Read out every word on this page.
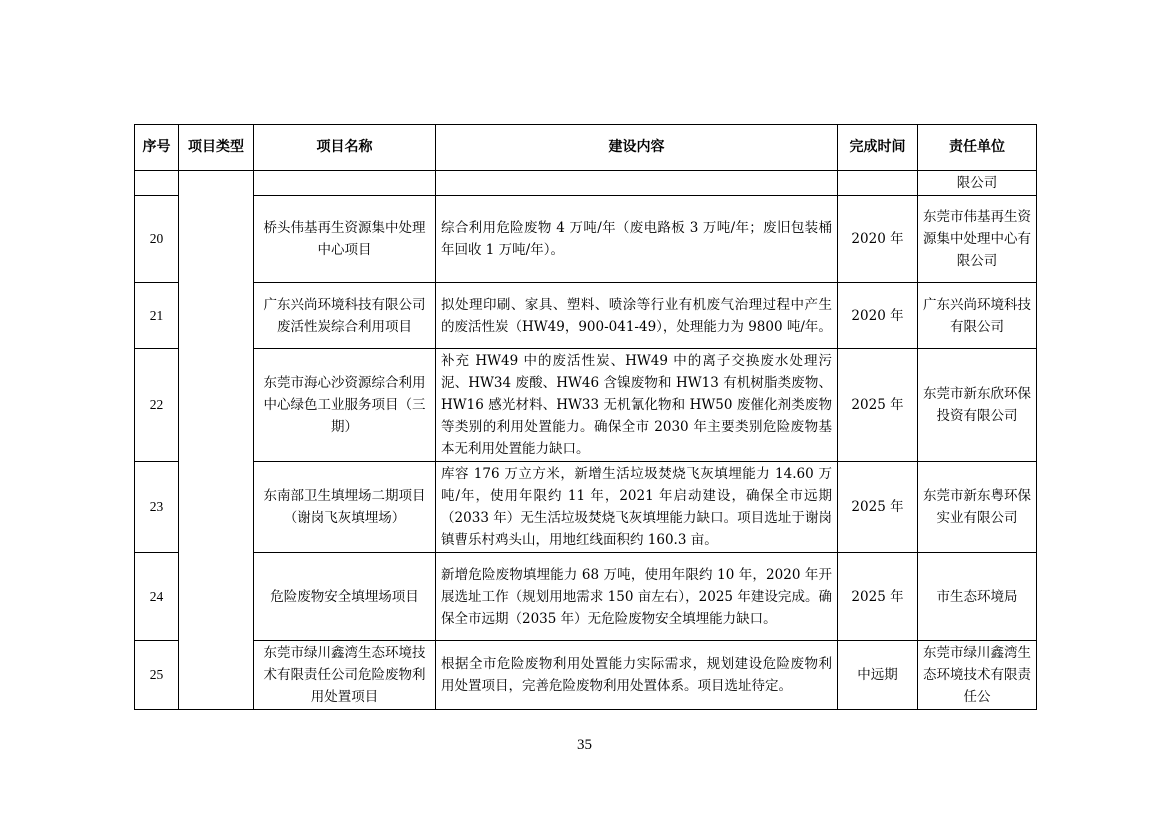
序号	项目类型	项目名称	建设内容	完成时间	责任单位
					限公司
20		桥头伟基再生资源集中处理中心项目	综合利用危险废物 4 万吨/年（废电路板 3 万吨/年；废旧包装桶年回收 1 万吨/年）。	2020 年	东莞市伟基再生资源集中处理中心有限公司
21		广东兴尚环境科技有限公司废活性炭综合利用项目	拟处理印刷、家具、塑料、喷涂等行业有机废气治理过程中产生的废活性炭（HW49，900-041-49），处理能力为 9800 吨/年。	2020 年	广东兴尚环境科技有限公司
22		东莞市海心沙资源综合利用中心绿色工业服务项目（三期）	补充 HW49 中的废活性炭、HW49 中的离子交换废水处理污泥、HW34 废酸、HW46 含镍废物和 HW13 有机树脂类废物、HW16 感光材料、HW33 无机氰化物和 HW50 废催化剂类废物等类别的利用处置能力。确保全市 2030 年主要类别危险废物基本无利用处置能力缺口。	2025 年	东莞市新东欣环保投资有限公司
23		东南部卫生填埋场二期项目（谢岗飞灰填埋场）	库容 176 万立方米，新增生活垃圾焚烧飞灰填埋能力 14.60 万吨/年，使用年限约 11 年，2021 年启动建设，确保全市远期（2033 年）无生活垃圾焚烧飞灰填埋能力缺口。项目选址于谢岗镇曹乐村鸡头山，用地红线面积约 160.3 亩。	2025 年	东莞市新东粤环保实业有限公司
24		危险废物安全填埋场项目	新增危险废物填埋能力 68 万吨，使用年限约 10 年，2020 年开展选址工作（规划用地需求 150 亩左右），2025 年建设完成。确保全市远期（2035 年）无危险废物安全填埋能力缺口。	2025 年	市生态环境局
25		东莞市绿川鑫湾生态环境技术有限责任公司危险废物利用处置项目	根据全市危险废物利用处置能力实际需求，规划建设危险废物利用处置项目，完善危险废物利用处置体系。项目选址待定。	中远期	东莞市绿川鑫湾生态环境技术有限责任公
35
